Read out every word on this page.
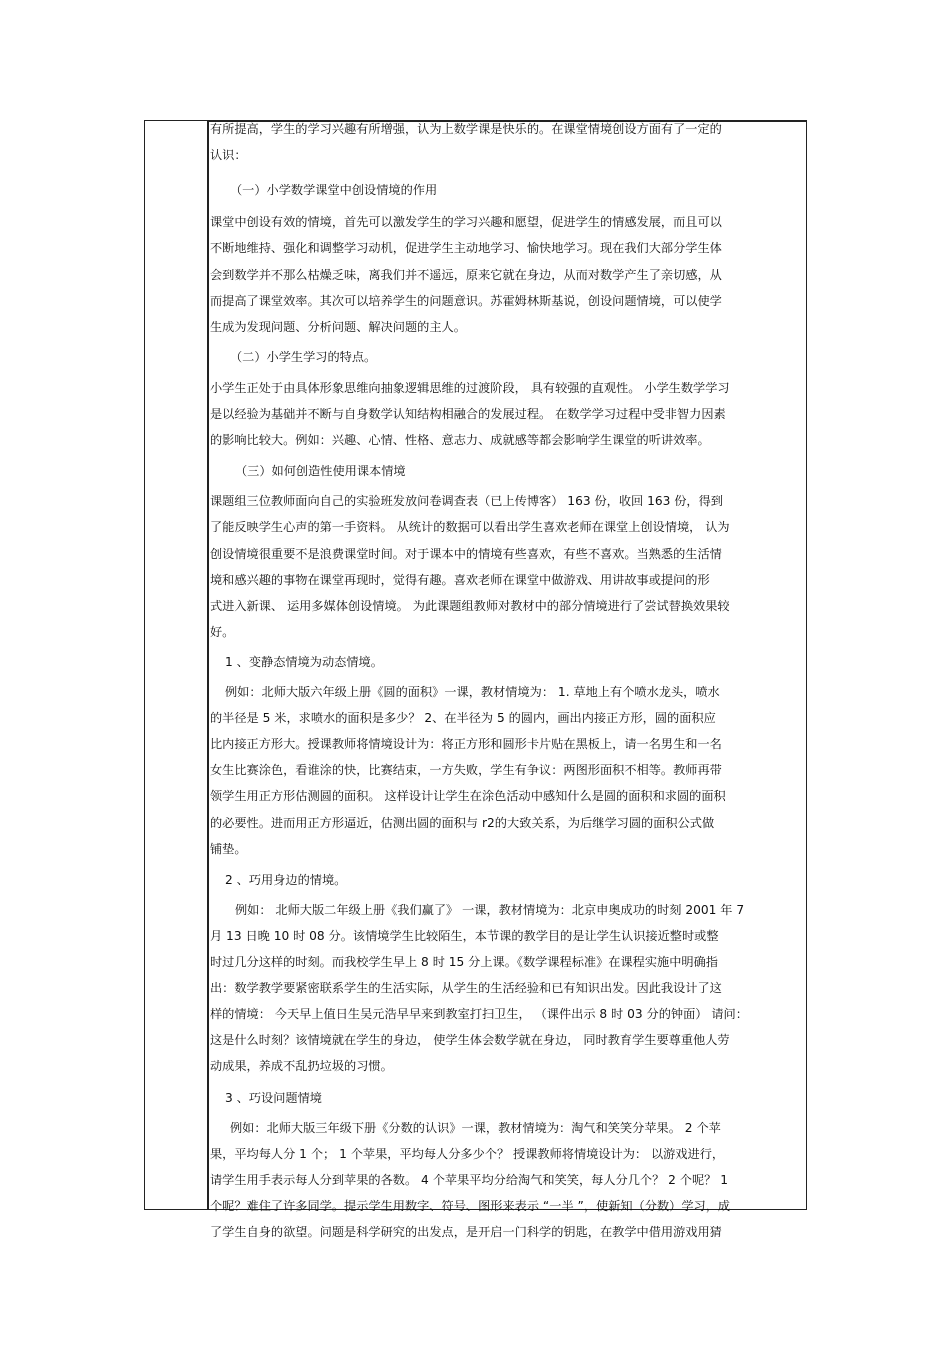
有所提高，学生的学习兴趣有所增强，认为上数学课是快乐的。在课堂情境创设方面有了一定的
认识：
（一）小学数学课堂中创设情境的作用
课堂中创设有效的情境，首先可以激发学生的学习兴趣和愿望，促进学生的情感发展，而且可以
不断地维持、强化和调整学习动机，促进学生主动地学习、愉快地学习。现在我们大部分学生体
会到数学并不那么枯燥乏味，离我们并不遥远，原来它就在身边，从而对数学产生了亲切感，从
而提高了课堂效率。其次可以培养学生的问题意识。苏霍姆林斯基说，创设问题情境，可以使学
生成为发现问题、分析问题、解决问题的主人。
（二）小学生学习的特点。
小学生正处于由具体形象思维向抽象逻辑思维的过渡阶段， 具有较强的直观性。 小学生数学学习
是以经验为基础并不断与自身数学认知结构相融合的发展过程。 在数学学习过程中受非智力因素
的影响比较大。例如：兴趣、心情、性格、意志力、成就感等都会影响学生课堂的听讲效率。
（三）如何创造性使用课本情境
课题组三位教师面向自己的实验班发放问卷调查表（已上传博客） 163 份，收回 163 份，得到
了能反映学生心声的第一手资料。 从统计的数据可以看出学生喜欢老师在课堂上创设情境， 认为
创设情境很重要不是浪费课堂时间。对于课本中的情境有些喜欢，有些不喜欢。当熟悉的生活情
境和感兴趣的事物在课堂再现时，觉得有趣。喜欢老师在课堂中做游戏、用讲故事或提问的形
式进入新课、 运用多媒体创设情境。 为此课题组教师对教材中的部分情境进行了尝试替换效果较
好。
1 、变静态情境为动态情境。
例如：北师大版六年级上册《圆的面积》一课，教材情境为： 1. 草地上有个喷水龙头，喷水
的半径是 5 米，求喷水的面积是多少？ 2、在半径为 5 的圆内，画出内接正方形，圆的面积应
比内接正方形大。授课教师将情境设计为：将正方形和圆形卡片贴在黑板上，请一名男生和一名
女生比赛涂色，看谁涂的快，比赛结束，一方失败，学生有争议：两图形面积不相等。教师再带
领学生用正方形估测圆的面积。 这样设计让学生在涂色活动中感知什么是圆的面积和求圆的面积
的必要性。进而用正方形逼近，估测出圆的面积与 r2的大致关系，为后继学习圆的面积公式做
铺垫。
2 、巧用身边的情境。
例如： 北师大版二年级上册《我们赢了》 一课，教材情境为：北京申奥成功的时刻 2001 年 7
月 13 日晚 10 时 08 分。该情境学生比较陌生，本节课的教学目的是让学生认识接近整时或整
时过几分这样的时刻。而我校学生早上 8 时 15 分上课。《数学课程标准》在课程实施中明确指
出：数学教学要紧密联系学生的生活实际，从学生的生活经验和已有知识出发。因此我设计了这
样的情境： 今天早上值日生吴元浩早早来到教室打扫卫生， （课件出示 8 时 03 分的钟面） 请问：
这是什么时刻？该情境就在学生的身边， 使学生体会数学就在身边， 同时教育学生要尊重他人劳
动成果，养成不乱扔垃圾的习惯。
3 、巧设问题情境
例如：北师大版三年级下册《分数的认识》一课，教材情境为：淘气和笑笑分苹果。 2 个苹
果，平均每人分 1 个； 1 个苹果，平均每人分多少个？ 授课教师将情境设计为： 以游戏进行，
请学生用手表示每人分到苹果的各数。 4 个苹果平均分给淘气和笑笑，每人分几个？ 2 个呢？ 1
个呢？难住了许多同学。提示学生用数字、符号、图形来表示 “一半 ”，使新知（分数）学习，成
了学生自身的欲望。问题是科学研究的出发点，是开启一门科学的钥匙，在教学中借用游戏用猜
